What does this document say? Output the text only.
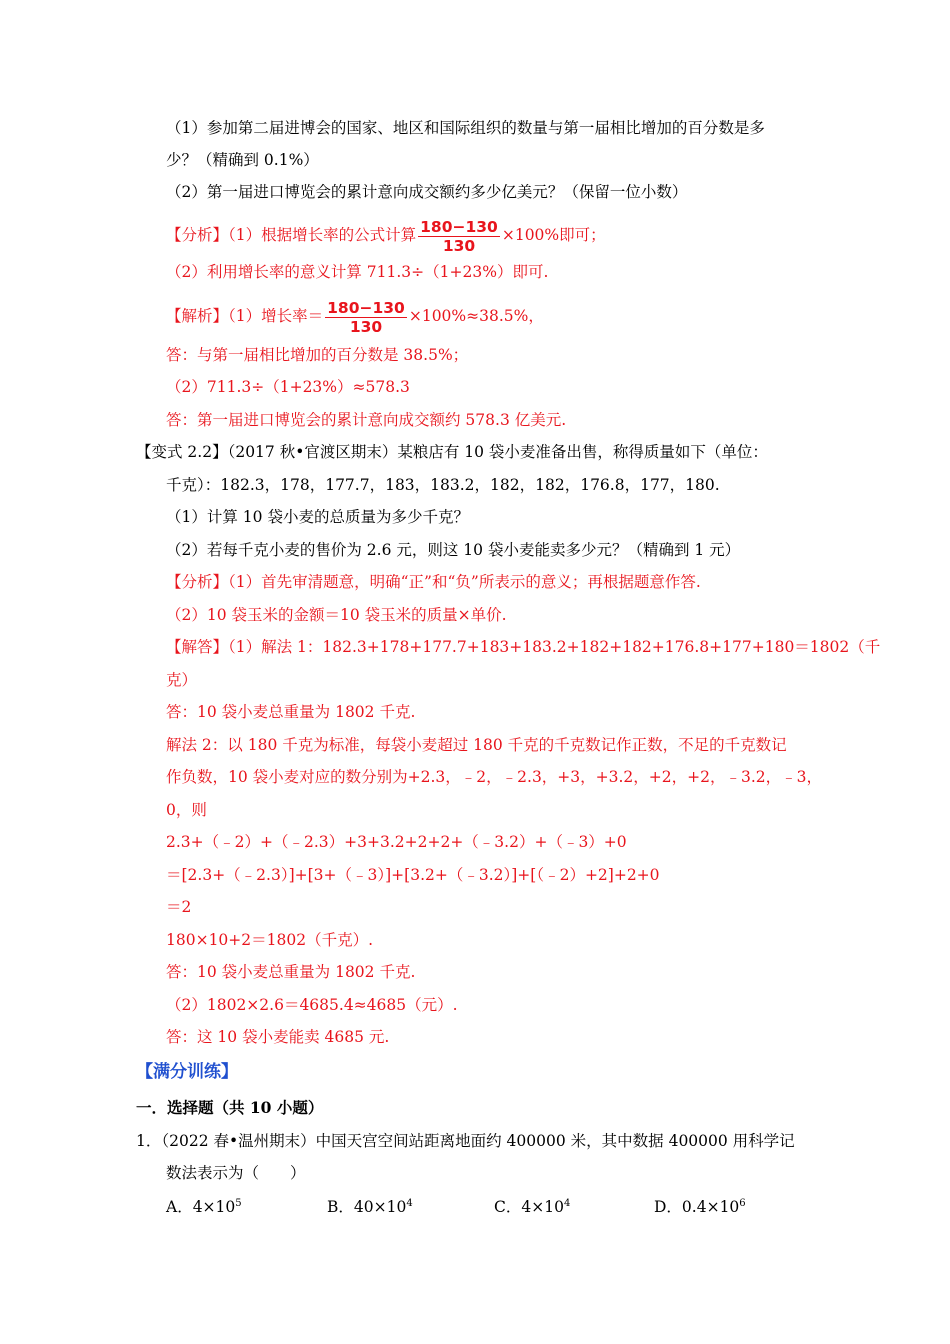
（1）参加第二届进博会的国家、地区和国际组织的数量与第一届相比增加的百分数是多
少？（精确到 0.1%）
（2）第一届进口博览会的累计意向成交额约多少亿美元？（保留一位小数）
【分析】（1）根据增长率的公式计算 $\frac{180-130}{130} \times 100\%$即可；
（2）利用增长率的意义计算 711.3÷（1+23%）即可.
【解析】（1）增长率＝ $\frac{180-130}{130} \times 100\%\approx 38.5\%$，
答：与第一届相比增加的百分数是 38.5%；
（2）711.3÷（1+23%）≈578.3
答：第一届进口博览会的累计意向成交额约 578.3 亿美元.
【变式 2.2】（2017 秋•官渡区期末）某粮店有 10 袋小麦准备出售，称得质量如下（单位：
千克）：182.3，178，177.7，183，183.2，182，182，176.8，177，180.
（1）计算 10 袋小麦的总质量为多少千克？
（2）若每千克小麦的售价为 2.6 元，则这 10 袋小麦能卖多少元？（精确到 1 元）
【分析】（1）首先审清题意，明确“正”和“负”所表示的意义；再根据题意作答.
（2）10 袋玉米的金额＝10 袋玉米的质量×单价.
【解答】（1）解法 1：182.3+178+177.7+183+183.2+182+182+176.8+177+180＝1802（千
克）
答：10 袋小麦总重量为 1802 千克.
解法 2：以 180 千克为标准，每袋小麦超过 180 千克的千克数记作正数，不足的千克数记
作负数，10 袋小麦对应的数分别为+2.3，﹣2，﹣2.3，+3，+3.2，+2，+2，﹣3.2，﹣3，
0，则
2.3+（﹣2）+（﹣2.3）+3+3.2+2+2+（﹣3.2）+（﹣3）+0
＝[2.3+（﹣2.3）]+[3+（﹣3）]+[3.2+（﹣3.2）]+[（﹣2）+2]+2+0
＝2
180×10+2＝1802（千克）.
答：10 袋小麦总重量为 1802 千克.
（2）1802×2.6＝4685.4≈4685（元）.
答：这 10 袋小麦能卖 4685 元.
【满分训练】
一．选择题（共 10 小题）
1．（2022 春•温州期末）中国天宫空间站距离地面约 400000 米，其中数据 400000 用科学记
数法表示为（　　）
A．$4\times 10^5$	B．$40\times 10^4$	C．$4\times 10^4$	D．$0.4\times 10^6$
